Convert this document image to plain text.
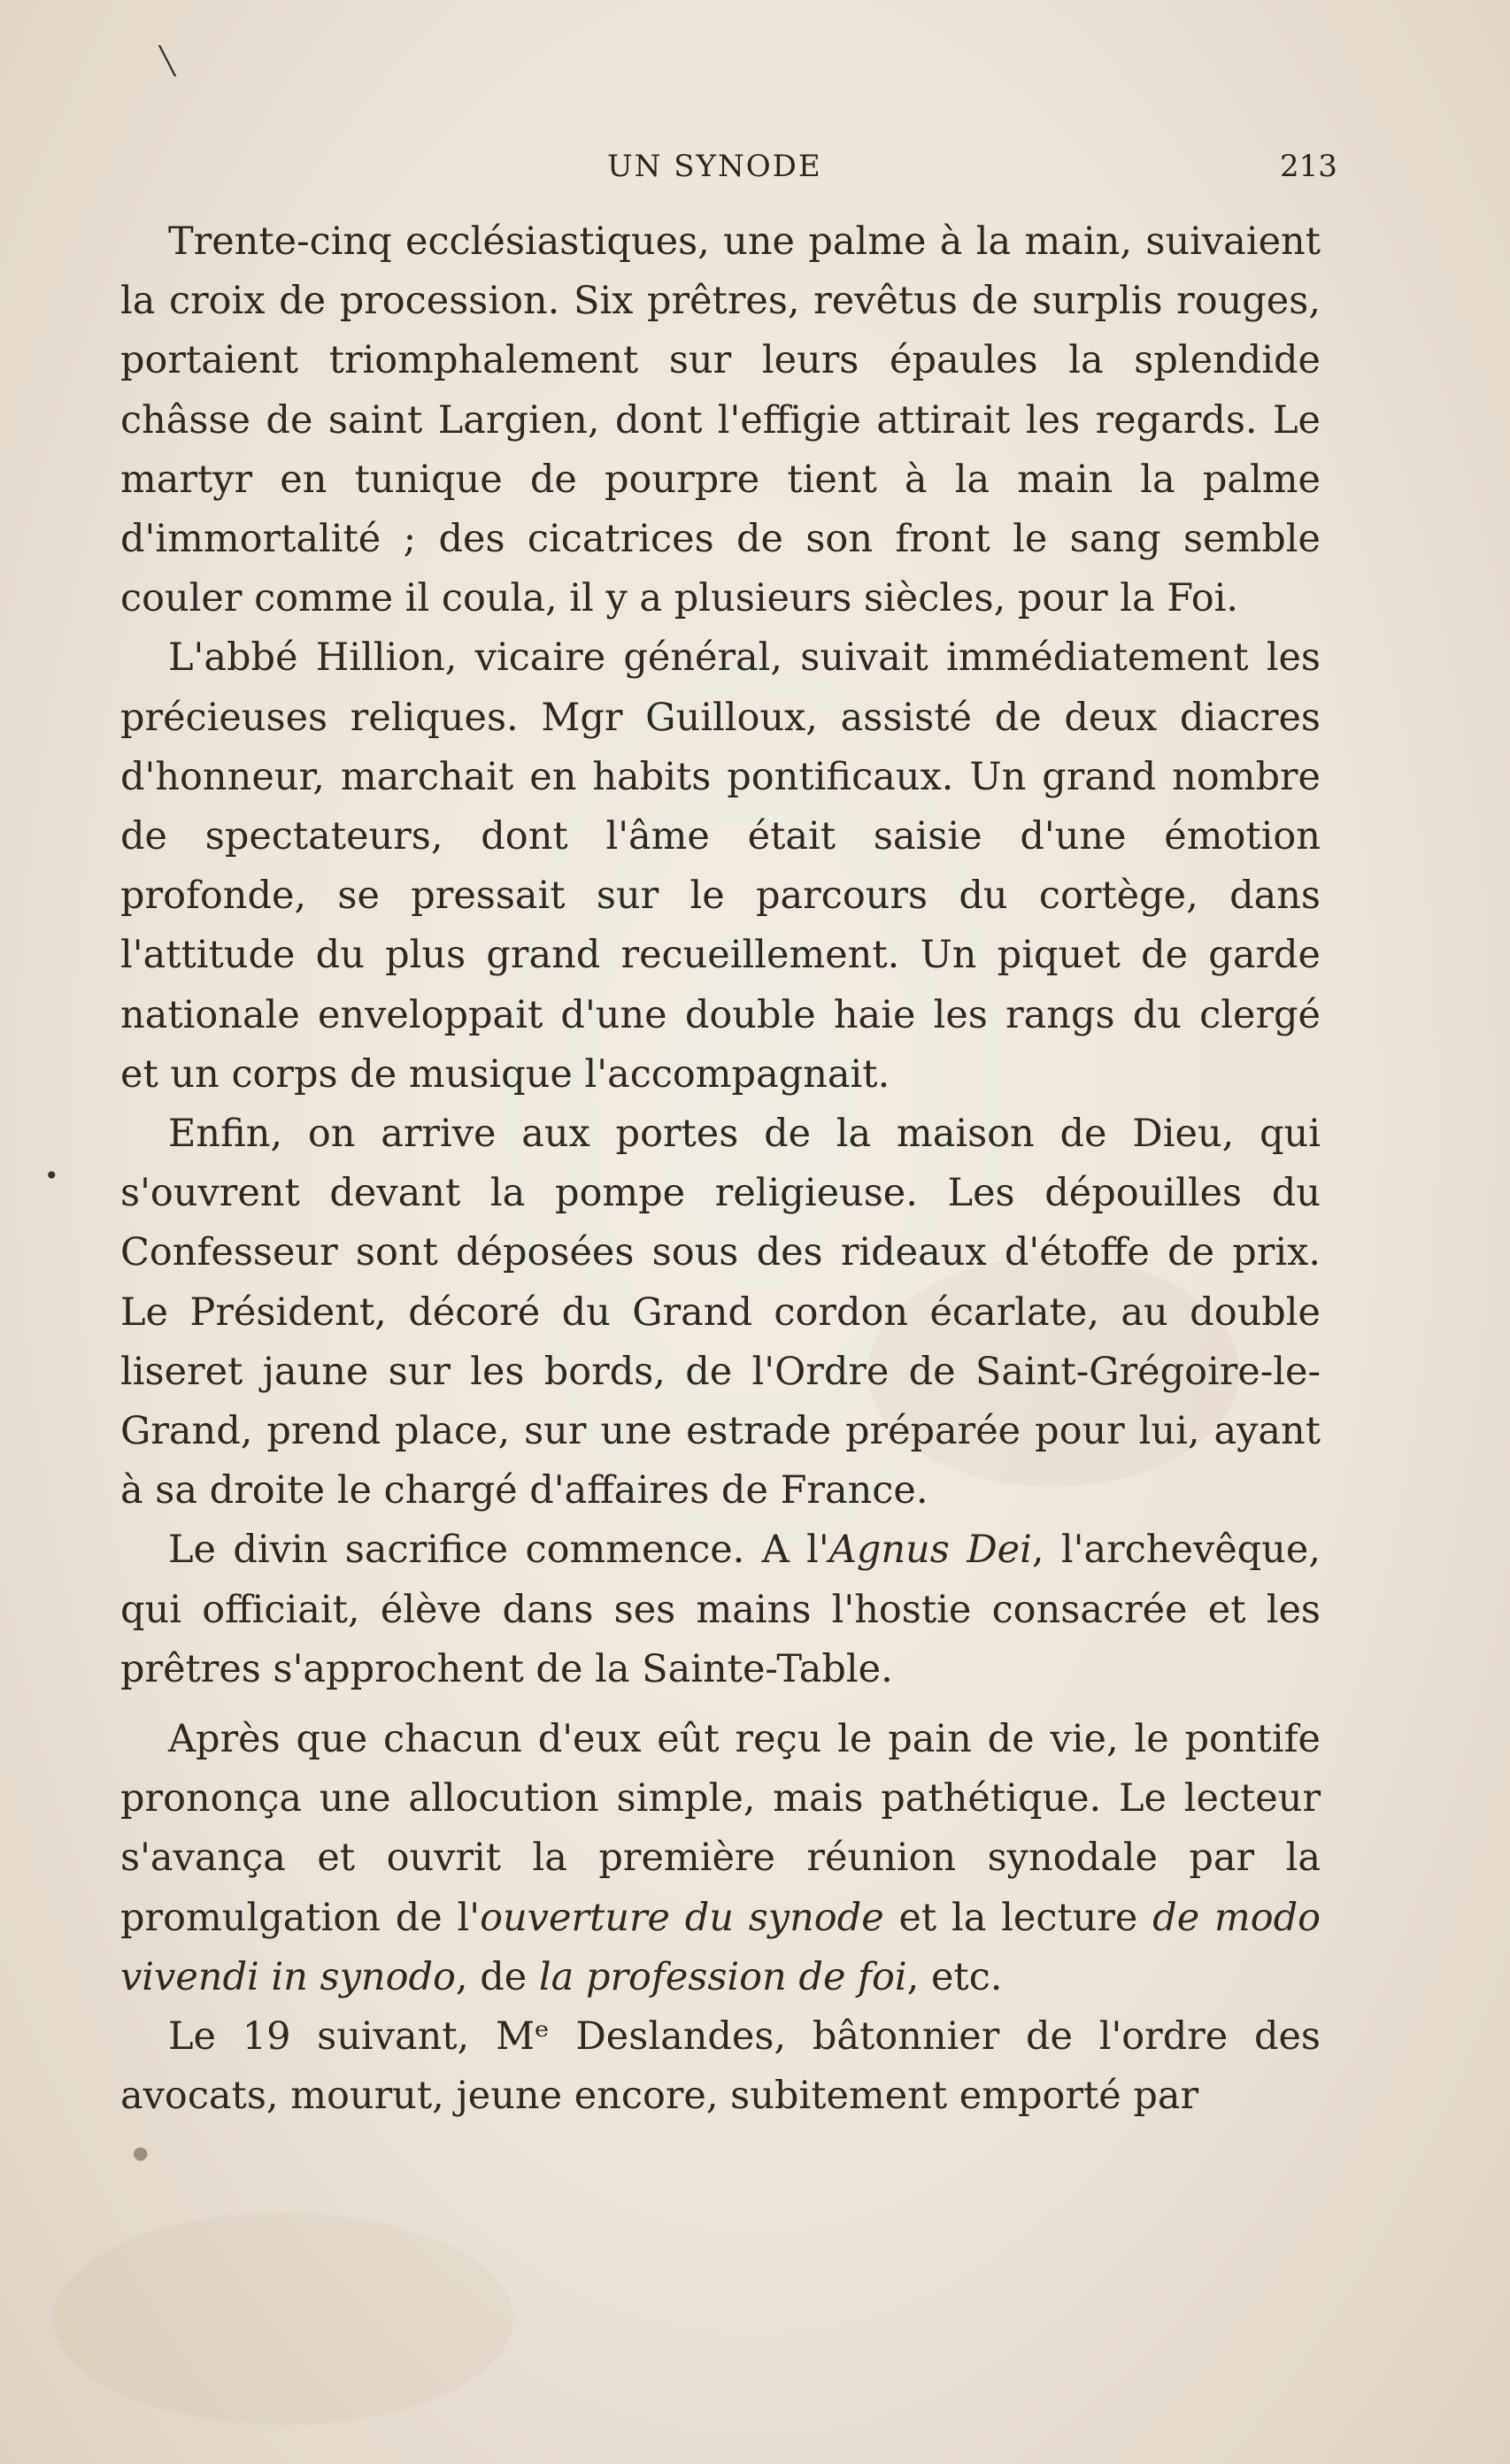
╲
•
●
UN SYNODE	213

Trente-cinq ecclésiastiques, une palme à la main, suivaient la croix de procession. Six prêtres, revêtus de surplis rouges, portaient triomphalement sur leurs épaules la splendide châsse de saint Largien, dont l'effigie attirait les regards. Le martyr en tunique de pourpre tient à la main la palme d'immortalité ; des cicatrices de son front le sang semble couler comme il coula, il y a plusieurs siècles, pour la Foi.

L'abbé Hillion, vicaire général, suivait immédiatement les précieuses reliques. Mgr Guilloux, assisté de deux diacres d'honneur, marchait en habits pontificaux. Un grand nombre de spectateurs, dont l'âme était saisie d'une émotion profonde, se pressait sur le parcours du cortège, dans l'attitude du plus grand recueillement. Un piquet de garde nationale enveloppait d'une double haie les rangs du clergé et un corps de musique l'accompagnait.

Enfin, on arrive aux portes de la maison de Dieu, qui s'ouvrent devant la pompe religieuse. Les dépouilles du Confesseur sont déposées sous des rideaux d'étoffe de prix. Le Président, décoré du Grand cordon écarlate, au double liseret jaune sur les bords, de l'Ordre de Saint-Grégoire-le-Grand, prend place, sur une estrade préparée pour lui, ayant à sa droite le chargé d'affaires de France.

Le divin sacrifice commence. A l'Agnus Dei, l'archevêque, qui officiait, élève dans ses mains l'hostie consacrée et les prêtres s'approchent de la Sainte-Table.

Après que chacun d'eux eût reçu le pain de vie, le pontife prononça une allocution simple, mais pathétique. Le lecteur s'avança et ouvrit la première réunion synodale par la promulgation de l'ouverture du synode et la lecture de modo vivendi in synodo, de la profession de foi, etc.

Le 19 suivant, Mᵉ Deslandes, bâtonnier de l'ordre des avocats, mourut, jeune encore, subitement emporté par
